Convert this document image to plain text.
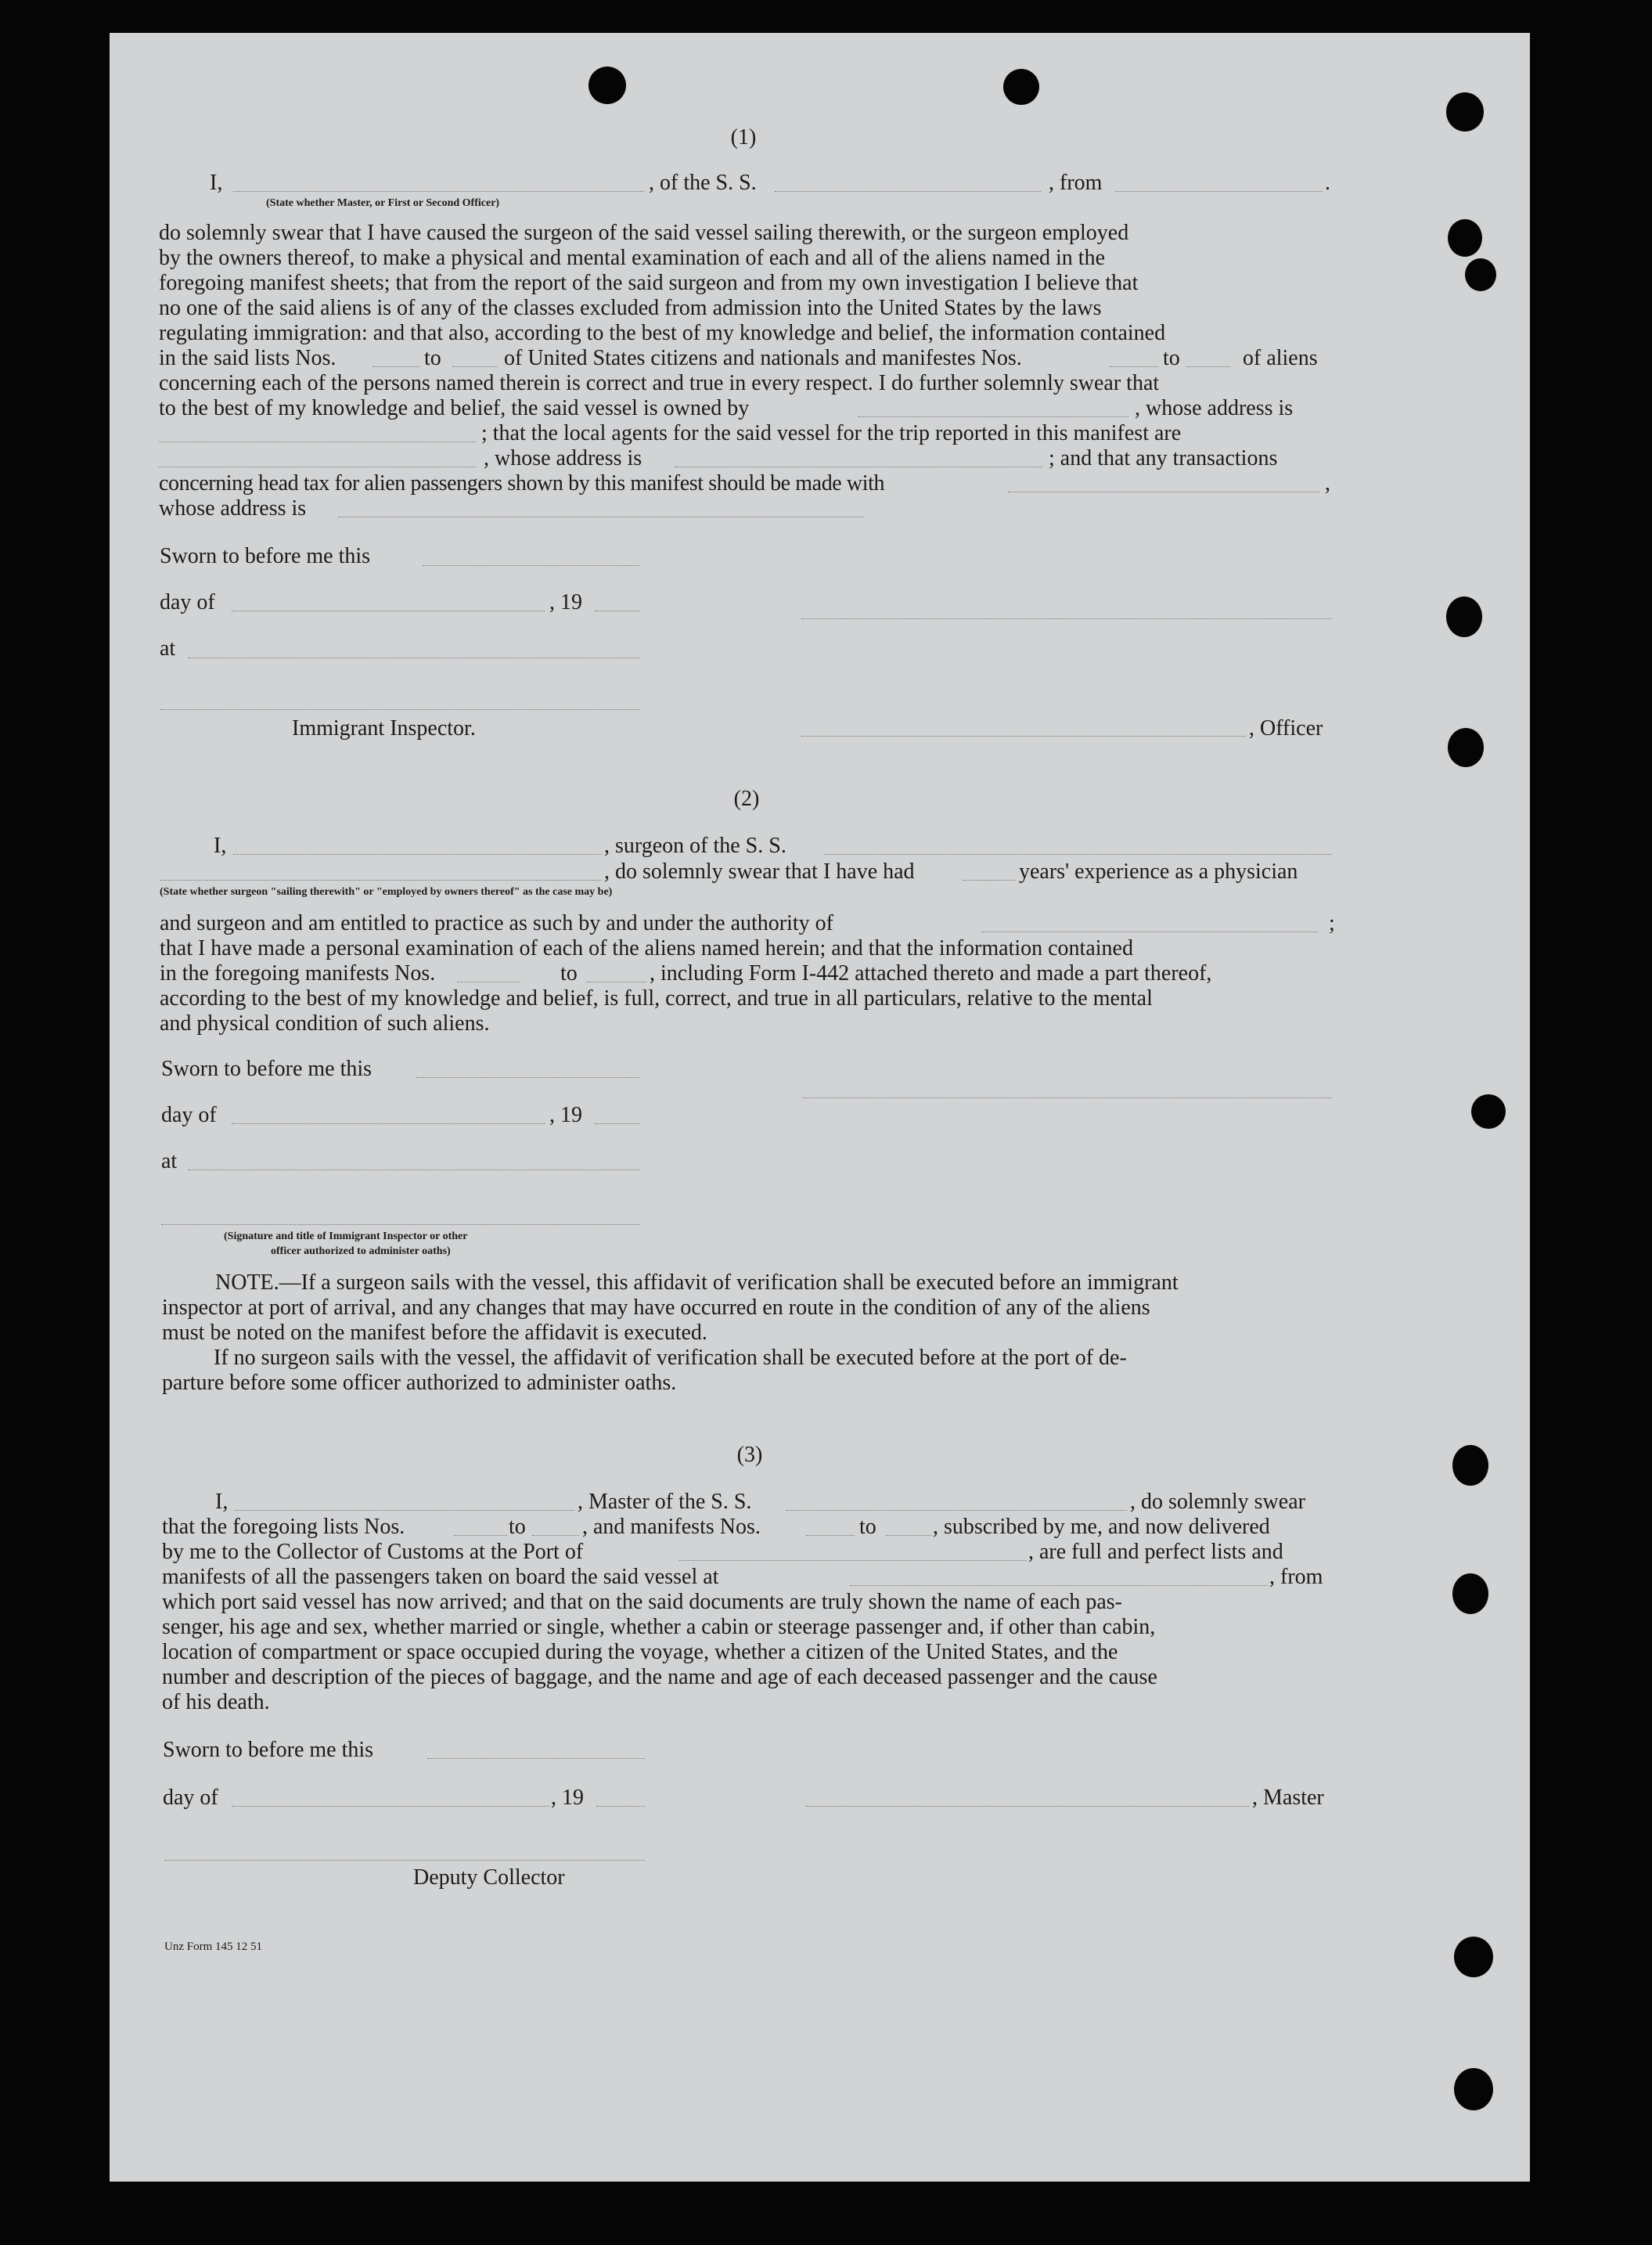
(1)
I,	, of the S. S.	, from	.
(State whether Master, or First or Second Officer)
do solemnly swear that I have caused the surgeon of the said vessel sailing therewith, or the surgeon employed
by the owners thereof, to make a physical and mental examination of each and all of the aliens named in the
foregoing manifest sheets; that from the report of the said surgeon and from my own investigation I believe that
no one of the said aliens is of any of the classes excluded from admission into the United States by the laws
regulating immigration: and that also, according to the best of my knowledge and belief, the information contained
in the said lists Nos.	to	of United States citizens and nationals and manifestes Nos.	to	of aliens
concerning each of the persons named therein is correct and true in every respect. I do further solemnly swear that
to the best of my knowledge and belief, the said vessel is owned by	, whose address is
; that the local agents for the said vessel for the trip reported in this manifest are
, whose address is	; and that any transactions
concerning head tax for alien passengers shown by this manifest should be made with	,
whose address is
Sworn to before me this
day of	, 19
at
Immigrant Inspector.	, Officer
(2)
I,	, surgeon of the S. S.
, do solemnly swear that I have had	years' experience as a physician
(State whether surgeon "sailing therewith" or "employed by owners thereof" as the case may be)
and surgeon and am entitled to practice as such by and under the authority of	;
that I have made a personal examination of each of the aliens named herein; and that the information contained
in the foregoing manifests Nos.	to	, including Form I-442 attached thereto and made a part thereof,
according to the best of my knowledge and belief, is full, correct, and true in all particulars, relative to the mental
and physical condition of such aliens.
Sworn to before me this
day of	, 19
at
(Signature and title of Immigrant Inspector or other
officer authorized to administer oaths)
NOTE.—If a surgeon sails with the vessel, this affidavit of verification shall be executed before an immigrant
inspector at port of arrival, and any changes that may have occurred en route in the condition of any of the aliens
must be noted on the manifest before the affidavit is executed.
If no surgeon sails with the vessel, the affidavit of verification shall be executed before at the port of de-
parture before some officer authorized to administer oaths.
(3)
I,	, Master of the S. S.	, do solemnly swear
that the foregoing lists Nos.	to	, and manifests Nos.	to	, subscribed by me, and now delivered
by me to the Collector of Customs at the Port of	, are full and perfect lists and
manifests of all the passengers taken on board the said vessel at	, from
which port said vessel has now arrived; and that on the said documents are truly shown the name of each pas-
senger, his age and sex, whether married or single, whether a cabin or steerage passenger and, if other than cabin,
location of compartment or space occupied during the voyage, whether a citizen of the United States, and the
number and description of the pieces of baggage, and the name and age of each deceased passenger and the cause
of his death.
Sworn to before me this
day of	, 19	, Master
Deputy Collector
Unz Form 145 12 51
